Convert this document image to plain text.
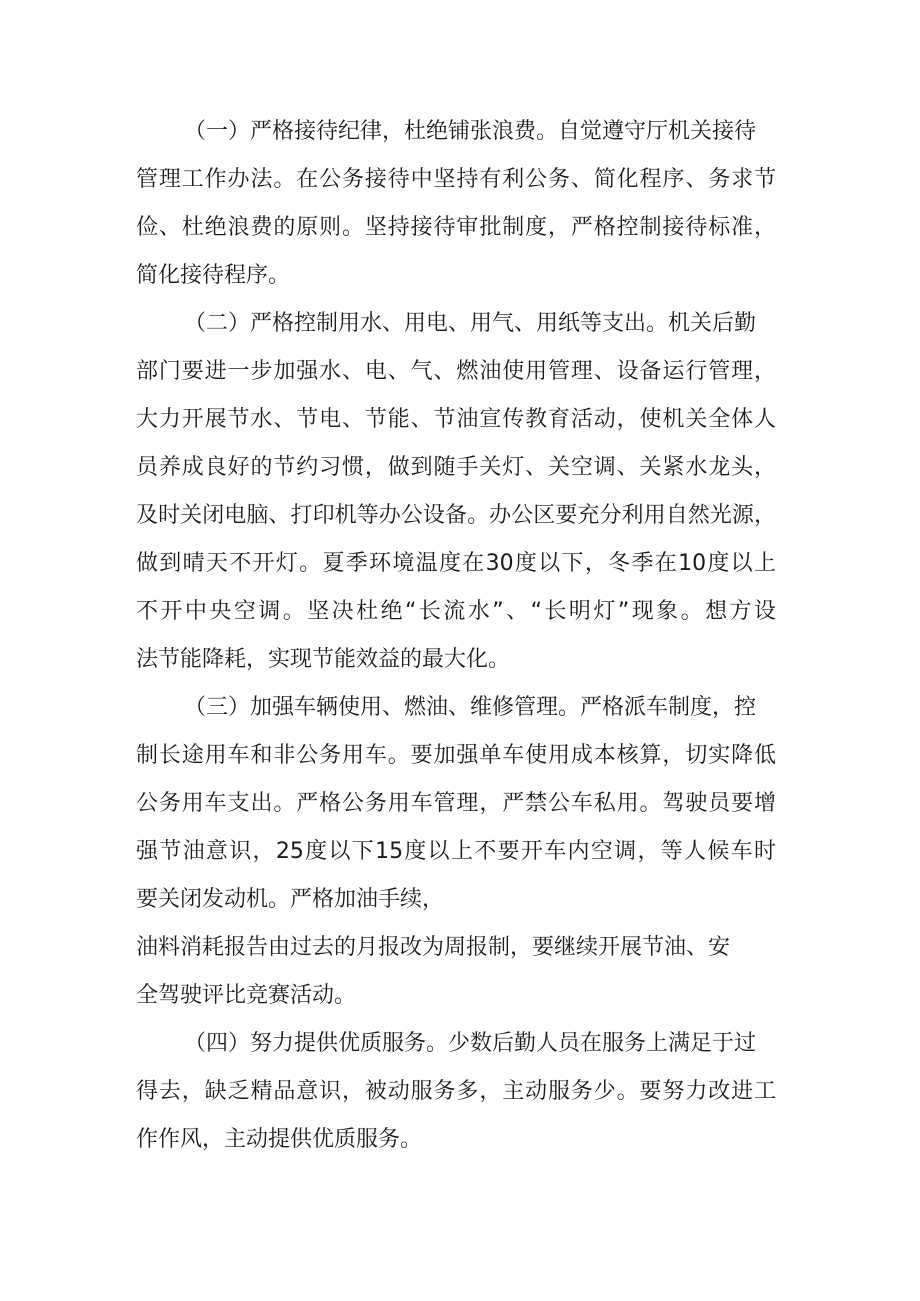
（一）严格接待纪律，杜绝铺张浪费。自觉遵守厅机关接待

管理工作办法。在公务接待中坚持有利公务、简化程序、务求节

俭、杜绝浪费的原则。坚持接待审批制度，严格控制接待标准，

简化接待程序。

（二）严格控制用水、用电、用气、用纸等支出。机关后勤

部门要进一步加强水、电、气、燃油使用管理、设备运行管理，

大力开展节水、节电、节能、节油宣传教育活动，使机关全体人

员养成良好的节约习惯，做到随手关灯、关空调、关紧水龙头，

及时关闭电脑、打印机等办公设备。办公区要充分利用自然光源，

做到晴天不开灯。夏季环境温度在30度以下，冬季在10度以上

不开中央空调。坚决杜绝“长流水”、“长明灯”现象。想方设

法节能降耗，实现节能效益的最大化。

（三）加强车辆使用、燃油、维修管理。严格派车制度，控

制长途用车和非公务用车。要加强单车使用成本核算，切实降低

公务用车支出。严格公务用车管理，严禁公车私用。驾驶员要增

强节油意识，25度以下15度以上不要开车内空调，等人候车时

要关闭发动机。严格加油手续，

油料消耗报告由过去的月报改为周报制，要继续开展节油、安

全驾驶评比竞赛活动。

（四）努力提供优质服务。少数后勤人员在服务上满足于过

得去，缺乏精品意识，被动服务多，主动服务少。要努力改进工

作作风，主动提供优质服务。
